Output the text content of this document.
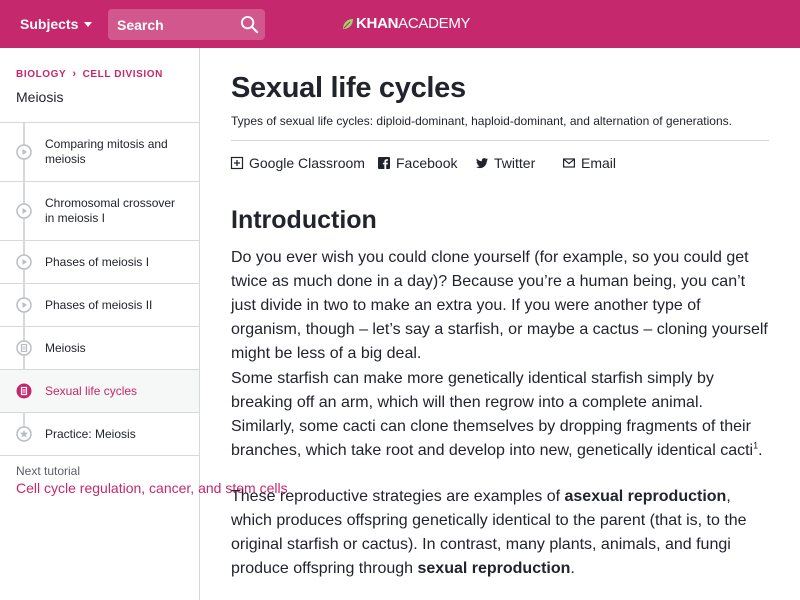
Subjects
Search	KHAN ACADEMY
BIOLOGY › CELL DIVISION
Meiosis
Comparing mitosis and meiosis
Chromosomal crossover in meiosis I
Phases of meiosis I
Phases of meiosis II
Meiosis
Sexual life cycles
Practice: Meiosis
Next tutorial
Cell cycle regulation, cancer, and stem cells
Sexual life cycles
Types of sexual life cycles: diploid-dominant, haploid-dominant, and alternation of generations.
Google Classroom Facebook	Twitter	Email
Introduction

Do you ever wish you could clone yourself (for example, so you could get twice as much done in a day)? Because you’re a human being, you can’t just divide in two to make an extra you. If you were another type of organism, though – let’s say a starfish, or maybe a cactus – cloning yourself might be less of a big deal.

Some starfish can make more genetically identical starfish simply by breaking off an arm, which will then regrow into a complete animal. Similarly, some cacti can clone themselves by dropping fragments of their branches, which take root and develop into new, genetically identical cacti$^1$.

These reproductive strategies are examples of asexual reproduction, which produces offspring genetically identical to the parent (that is, to the original starfish or cactus). In contrast, many plants, animals, and fungi produce offspring through sexual reproduction.
